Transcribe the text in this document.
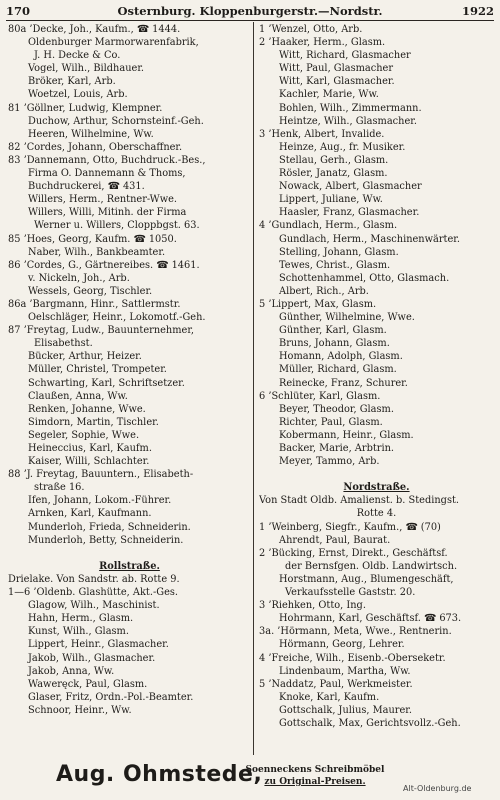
170	Osternburg. Kloppenburgerstr.—Nordstr.	1922
80a ’Decke, Joh., Kaufm., ☎ 1444.
Oldenburger Marmorwarenfabrik,
J. H. Decke & Co.
Vogel, Wilh., Bildhauer.
Bröker, Karl, Arb.
Woetzel, Louis, Arb.
81 ’Göllner, Ludwig, Klempner.
Duchow, Arthur, Schornsteinf.-Geh.
Heeren, Wilhelmine, Ww.
82 ’Cordes, Johann, Oberschaffner.
83 ’Dannemann, Otto, Buchdruck.-Bes.,
Firma O. Dannemann & Thoms,
Buchdruckerei, ☎ 431.
Willers, Herm., Rentner-Wwe.
Willers, Willi, Mitinh. der Firma
Werner u. Willers, Cloppbgst. 63.
85 ’Hoes, Georg, Kaufm. ☎ 1050.
Naber, Wilh., Bankbeamter.
86 ’Cordes, G., Gärtnereibes. ☎ 1461.
v. Nickeln, Joh., Arb.
Wessels, Georg, Tischler.
86a ’Bargmann, Hinr., Sattlermstr.
Oelschläger, Heinr., Lokomotf.-Geh.
87 ’Freytag, Ludw., Bauunternehmer,
Elisabethst.
Bücker, Arthur, Heizer.
Müller, Christel, Trompeter.
Schwarting, Karl, Schriftsetzer.
Claußen, Anna, Ww.
Renken, Johanne, Wwe.
Simdorn, Martin, Tischler.
Segeler, Sophie, Wwe.
Heineccius, Karl, Kaufm.
Kaiser, Willi, Schlachter.
88 ’J. Freytag, Bauuntern., Elisabeth-
straße 16.
Ifen, Johann, Lokom.-Führer.
Arnken, Karl, Kaufmann.
Munderloh, Frieda, Schneiderin.
Munderloh, Betty, Schneiderin.
Rollstraße.
Drielake. Von Sandstr. ab. Rotte 9.
1—6 ’Oldenb. Glashütte, Akt.-Ges.
Glagow, Wilh., Maschinist.
Hahn, Herm., Glasm.
Kunst, Wilh., Glasm.
Lippert, Heinr., Glasmacher.
Jakob, Wilh., Glasmacher.
Jakob, Anna, Ww.
Waweręck, Paul, Glasm.
Glaser, Fritz, Ordn.-Pol.-Beamter.
Schnoor, Heinr., Ww.
1 ’Wenzel, Otto, Arb.
2 ’Haaker, Herm., Glasm.
Witt, Richard, Glasmacher
Witt, Paul, Glasmacher
Witt, Karl, Glasmacher.
Kachler, Marie, Ww.
Bohlen, Wilh., Zimmermann.
Heintze, Wilh., Glasmacher.
3 ’Henk, Albert, Invalide.
Heinze, Aug., fr. Musiker.
Stellau, Gerh., Glasm.
Rösler, Janatz, Glasm.
Nowack, Albert, Glasmacher
Lippert, Juliane, Ww.
Haasler, Franz, Glasmacher.
4 ’Gundlach, Herm., Glasm.
Gundlach, Herm., Maschinenwärter.
Stelling, Johann, Glasm.
Tewes, Christ., Glasm.
Schottenhammel, Otto, Glasmach.
Albert, Rich., Arb.
5 ’Lippert, Max, Glasm.
Günther, Wilhelmine, Wwe.
Günther, Karl, Glasm.
Bruns, Johann, Glasm.
Homann, Adolph, Glasm.
Müller, Richard, Glasm.
Reinecke, Franz, Schurer.
6 ’Schlüter, Karl, Glasm.
Beyer, Theodor, Glasm.
Richter, Paul, Glasm.
Kobermann, Heinr., Glasm.
Backer, Marie, Arbtrin.
Meyer, Tammo, Arb.
Nordstraße.
Von Stadt Oldb. Amalienst. b. Stedingst.
Rotte 4.
1 ’Weinberg, Siegfr., Kaufm., ☎ (70)
Ahrendt, Paul, Baurat.
2 ’Bücking, Ernst, Direkt., Geschäftsf.
der Bernsfgen. Oldb. Landwirtsch.
Horstmann, Aug., Blumengeschäft,
Verkaufsstelle Gaststr. 20.
3 ’Riehken, Otto, Ing.
Hohrmann, Karl, Geschäftsf. ☎ 673.
3a. ’Hörmann, Meta, Wwe., Rentnerin.
Hörmann, Georg, Lehrer.
4 ’Freiche, Wilh., Eisenb.-Oberseketr.
Lindenbaum, Martha, Ww.
5 ’Naddatz, Paul, Werkmeister.
Knoke, Karl, Kaufm.
Gottschalk, Julius, Maurer.
Gottschalk, Max, Gerichtsvollz.-Geh.
Aug. Ohmstede,
Soenneckens Schreibmöbel
zu Original-Preisen.
Alt-Oldenburg.de
